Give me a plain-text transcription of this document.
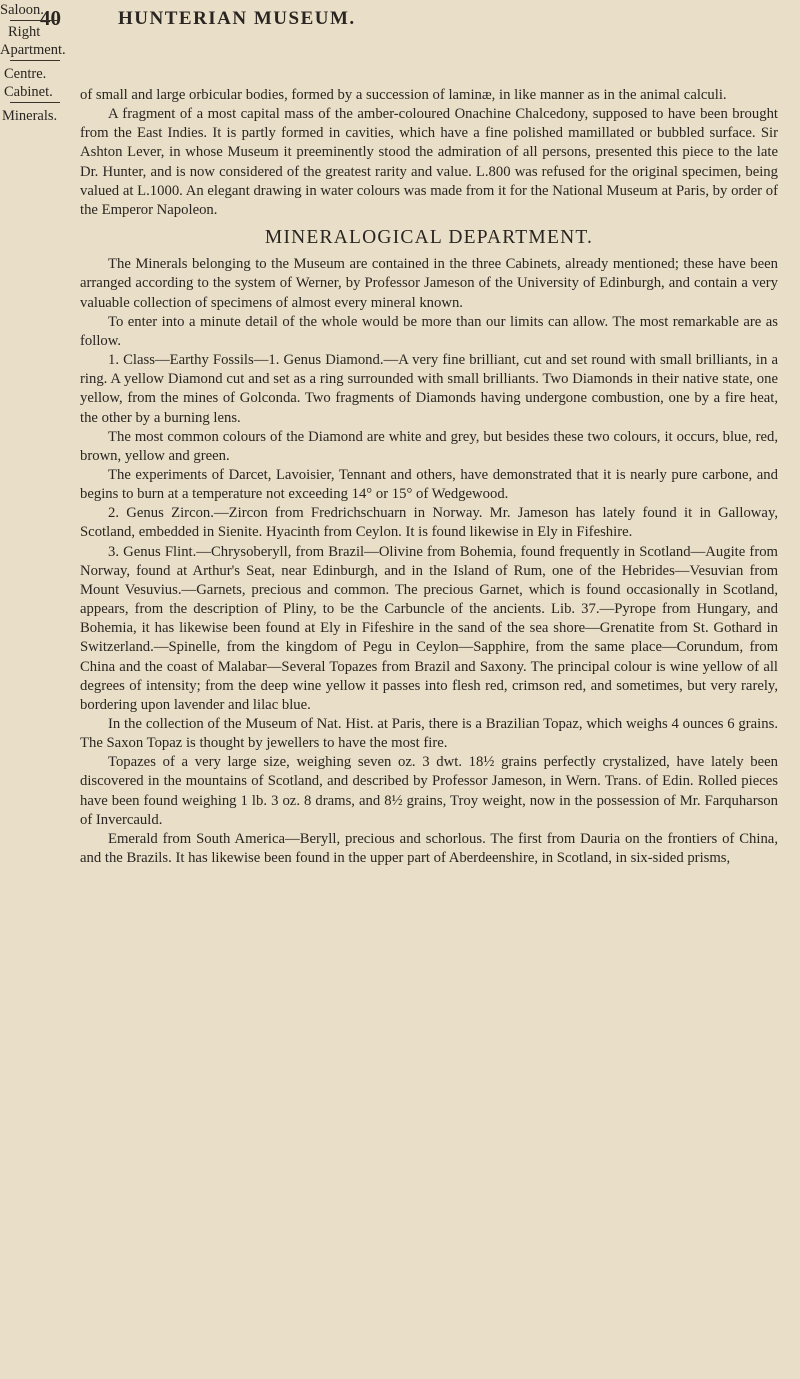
40	HUNTERIAN MUSEUM.
Saloon.
Right
Apartment.
Centre.
Cabinet.
Minerals.

of small and large orbicular bodies, formed by a succession of laminæ, in like manner as in the animal calculi.

A fragment of a most capital mass of the amber-coloured Onachine Chalcedony, supposed to have been brought from the East Indies. It is partly formed in cavities, which have a fine polished mamillated or bubbled surface. Sir Ashton Lever, in whose Museum it preeminently stood the admiration of all persons, presented this piece to the late Dr. Hunter, and is now considered of the greatest rarity and value. L.800 was refused for the original specimen, being valued at L.1000. An elegant drawing in water colours was made from it for the National Museum at Paris, by order of the Emperor Napoleon.

MINERALOGICAL DEPARTMENT.

The Minerals belonging to the Museum are contained in the three Cabinets, already mentioned; these have been arranged according to the system of Werner, by Professor Jameson of the University of Edinburgh, and contain a very valuable collection of specimens of almost every mineral known.

To enter into a minute detail of the whole would be more than our limits can allow. The most remarkable are as follow.

1. Class—Earthy Fossils—1. Genus Diamond.—A very fine brilliant, cut and set round with small brilliants, in a ring. A yellow Diamond cut and set as a ring surrounded with small brilliants. Two Diamonds in their native state, one yellow, from the mines of Golconda. Two fragments of Diamonds having undergone combustion, one by a fire heat, the other by a burning lens.

The most common colours of the Diamond are white and grey, but besides these two colours, it occurs, blue, red, brown, yellow and green.

The experiments of Darcet, Lavoisier, Tennant and others, have demonstrated that it is nearly pure carbone, and begins to burn at a temperature not exceeding 14° or 15° of Wedgewood.

2. Genus Zircon.—Zircon from Fredrichschuarn in Norway. Mr. Jameson has lately found it in Galloway, Scotland, embedded in Sienite. Hyacinth from Ceylon. It is found likewise in Ely in Fifeshire.

3. Genus Flint.—Chrysoberyll, from Brazil—Olivine from Bohemia, found frequently in Scotland—Augite from Norway, found at Arthur's Seat, near Edinburgh, and in the Island of Rum, one of the Hebrides—Vesuvian from Mount Vesuvius.—Garnets, precious and common. The precious Garnet, which is found occasionally in Scotland, appears, from the description of Pliny, to be the Carbuncle of the ancients. Lib. 37.—Pyrope from Hungary, and Bohemia, it has likewise been found at Ely in Fifeshire in the sand of the sea shore—Grenatite from St. Gothard in Switzerland.—Spinelle, from the kingdom of Pegu in Ceylon—Sapphire, from the same place—Corundum, from China and the coast of Malabar—Several Topazes from Brazil and Saxony. The principal colour is wine yellow of all degrees of intensity; from the deep wine yellow it passes into flesh red, crimson red, and sometimes, but very rarely, bordering upon lavender and lilac blue.

In the collection of the Museum of Nat. Hist. at Paris, there is a Brazilian Topaz, which weighs 4 ounces 6 grains. The Saxon Topaz is thought by jewellers to have the most fire.

Topazes of a very large size, weighing seven oz. 3 dwt. 18½ grains perfectly crystalized, have lately been discovered in the mountains of Scotland, and described by Professor Jameson, in Wern. Trans. of Edin. Rolled pieces have been found weighing 1 lb. 3 oz. 8 drams, and 8½ grains, Troy weight, now in the possession of Mr. Farquharson of Invercauld.

Emerald from South America—Beryll, precious and schorlous. The first from Dauria on the frontiers of China, and the Brazils. It has likewise been found in the upper part of Aberdeenshire, in Scotland, in six-sided prisms,
